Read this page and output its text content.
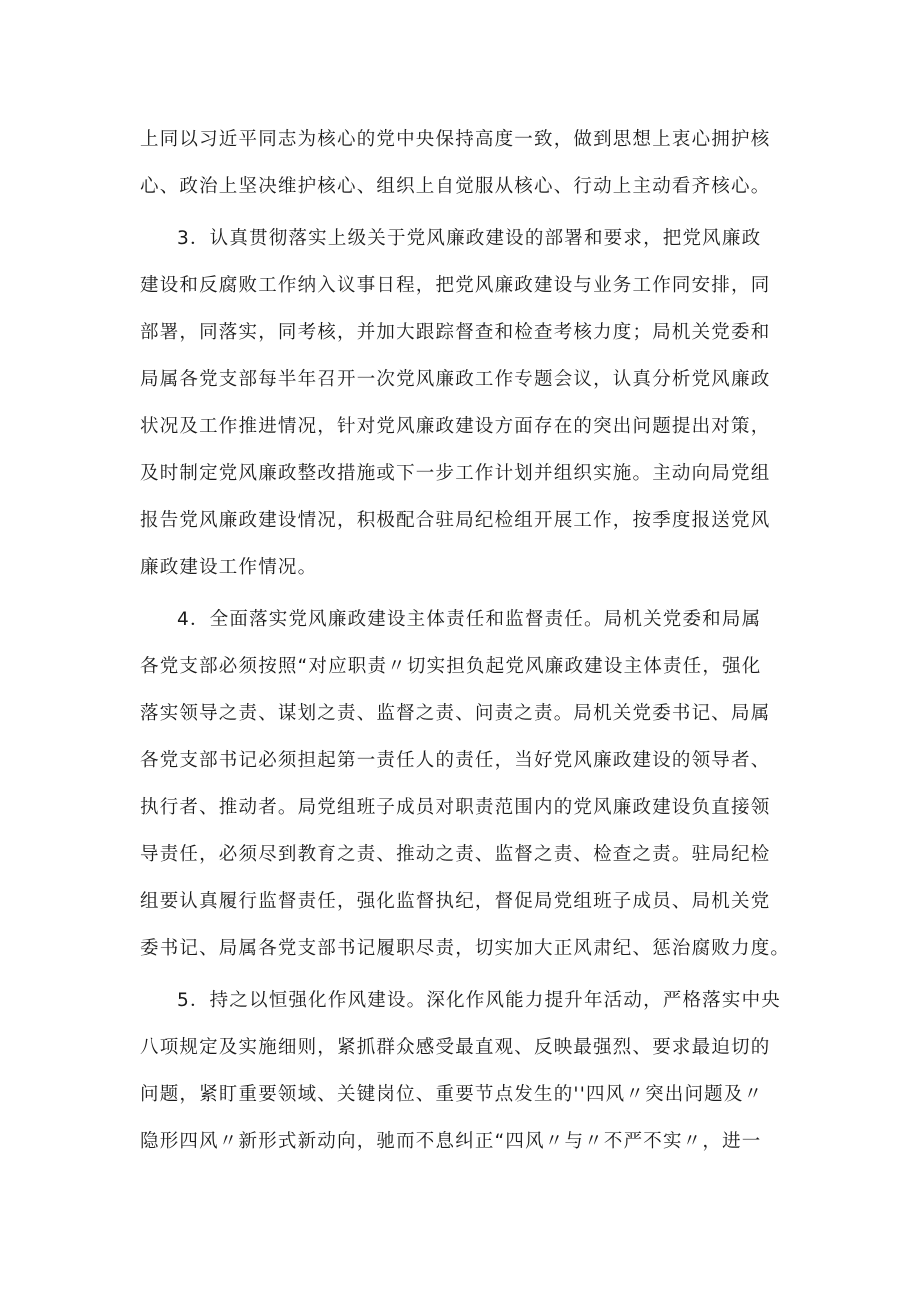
上同以习近平同志为核心的党中央保持高度一致，做到思想上衷心拥护核
心、政治上坚决维护核心、组织上自觉服从核心、行动上主动看齐核心。
3．认真贯彻落实上级关于党风廉政建设的部署和要求，把党风廉政
建设和反腐败工作纳入议事日程，把党风廉政建设与业务工作同安排，同
部署，同落实，同考核，并加大跟踪督查和检查考核力度；局机关党委和
局属各党支部每半年召开一次党风廉政工作专题会议，认真分析党风廉政
状况及工作推进情况，针对党风廉政建设方面存在的突出问题提出对策，
及时制定党风廉政整改措施或下一步工作计划并组织实施。主动向局党组
报告党风廉政建设情况，积极配合驻局纪检组开展工作，按季度报送党风
廉政建设工作情况。
4．全面落实党风廉政建设主体责任和监督责任。局机关党委和局属
各党支部必须按照“对应职责〃切实担负起党风廉政建设主体责任，强化
落实领导之责、谋划之责、监督之责、问责之责。局机关党委书记、局属
各党支部书记必须担起第一责任人的责任，当好党风廉政建设的领导者、
执行者、推动者。局党组班子成员对职责范围内的党风廉政建设负直接领
导责任，必须尽到教育之责、推动之责、监督之责、检查之责。驻局纪检
组要认真履行监督责任，强化监督执纪，督促局党组班子成员、局机关党
委书记、局属各党支部书记履职尽责，切实加大正风肃纪、惩治腐败力度。
5．持之以恒强化作风建设。深化作风能力提升年活动，严格落实中央
八项规定及实施细则，紧抓群众感受最直观、反映最强烈、要求最迫切的
问题，紧盯重要领域、关键岗位、重要节点发生的''四风〃突出问题及〃
隐形四风〃新形式新动向，驰而不息纠正“四风〃与〃不严不实〃，进一
